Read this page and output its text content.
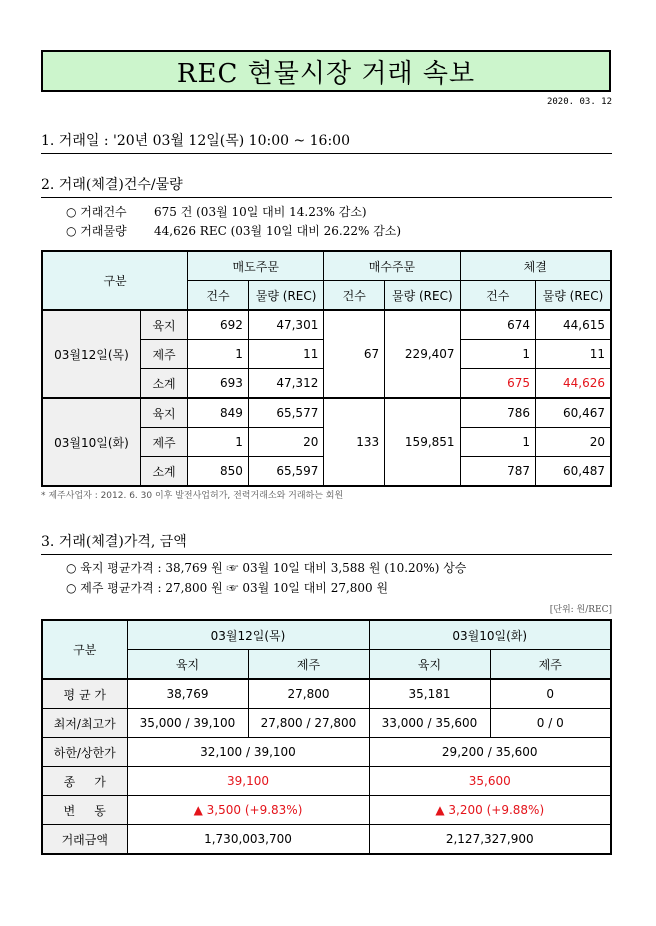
REC 현물시장 거래 속보
2020. 03. 12
1. 거래일 : '20년 03월 12일(목) 10:00 ~ 16:00
2. 거래(체결)건수/물량
○ 거래건수 675 건 (03월 10일 대비 14.23% 감소)
○ 거래물량 44,626 REC (03월 10일 대비 26.22% 감소)
구분		매도주문		매수주문		체결	
		건수	물량 (REC)	건수	물량 (REC)	건수	물량 (REC)
03월12일(목)	육지	692	47,301	67	229,407	674	44,615
	제주	1	11			1	11
	소계	693	47,312			675	44,626
03월10일(화)	육지	849	65,577	133	159,851	786	60,467
	제주	1	20			1	20
	소계	850	65,597			787	60,487
* 제주사업자 : 2012. 6. 30 이후 발전사업허가, 전력거래소와 거래하는 회원
3. 거래(체결)가격, 금액
○ 육지 평균가격 : 38,769 원 ☞ 03월 10일 대비 3,588 원 (10.20%) 상승
○ 제주 평균가격 : 27,800 원 ☞ 03월 10일 대비 27,800 원
[단위: 원/REC]
구분	03월12일(목)		03월10일(화)	
	육지	제주	육지	제주
평 균 가	38,769	27,800	35,181	0
최저/최고가	35,000 / 39,100	27,800 / 27,800	33,000 / 35,600	0 / 0
하한/상한가	32,100 / 39,100		29,200 / 35,600	
종     가	39,100		35,600	
변     동	▲ 3,500 (+9.83%)		▲ 3,200 (+9.88%)	
거래금액	1,730,003,700		2,127,327,900	
